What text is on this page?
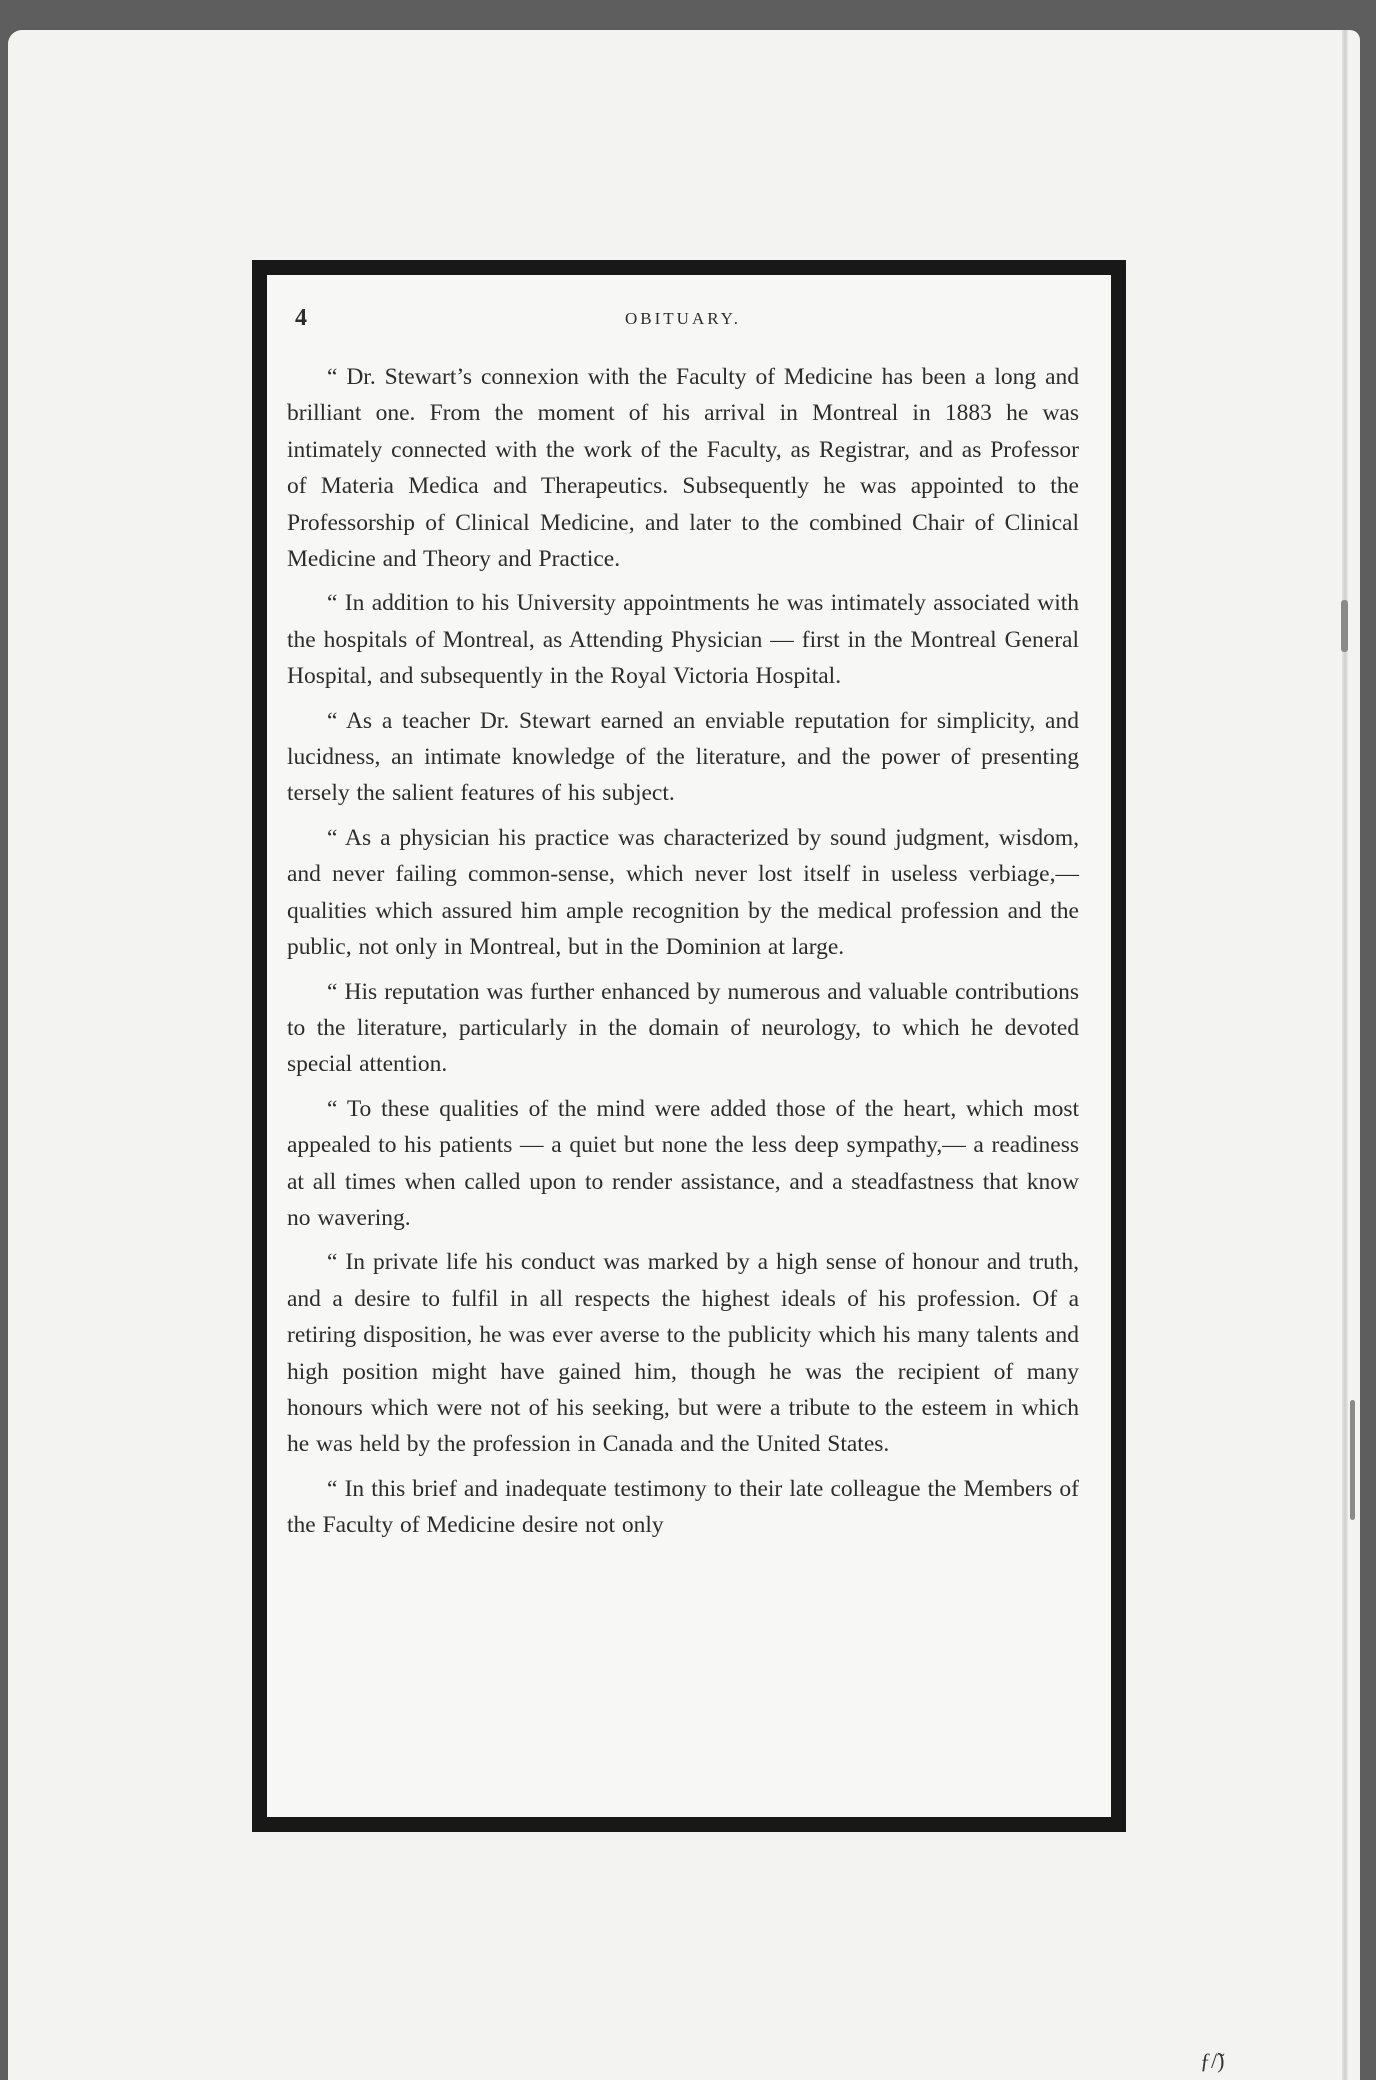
4	OBITUARY.

“ Dr. Stewart’s connexion with the Faculty of Medicine has been a long and brilliant one. From the moment of his arrival in Montreal in 1883 he was intimately connected with the work of the Faculty, as Registrar, and as Professor of Materia Medica and Therapeutics. Subsequently he was appointed to the Professorship of Clinical Medicine, and later to the combined Chair of Clinical Medicine and Theory and Practice.

“ In addition to his University appointments he was intimately associated with the hospitals of Montreal, as Attending Physician — first in the Montreal General Hospital, and subsequently in the Royal Victoria Hospital.

“ As a teacher Dr. Stewart earned an enviable reputation for simplicity, and lucidness, an intimate knowledge of the literature, and the power of presenting tersely the salient features of his subject.

“ As a physician his practice was characterized by sound judgment, wisdom, and never failing common-sense, which never lost itself in useless verbiage,— qualities which assured him ample recognition by the medical profession and the public, not only in Montreal, but in the Dominion at large.

“ His reputation was further enhanced by numerous and valuable contributions to the literature, particularly in the domain of neurology, to which he devoted special attention.

“ To these qualities of the mind were added those of the heart, which most appealed to his patients — a quiet but none the less deep sympathy,— a readiness at all times when called upon to render assistance, and a steadfastness that know no wavering.

“ In private life his conduct was marked by a high sense of honour and truth, and a desire to fulfil in all respects the highest ideals of his profession. Of a retiring disposition, he was ever averse to the publicity which his many talents and high position might have gained him, though he was the recipient of many honours which were not of his seeking, but were a tribute to the esteem in which he was held by the profession in Canada and the United States.

“ In this brief and inadequate testimony to their late colleague the Members of the Faculty of Medicine desire not only

ƒ/̃)
